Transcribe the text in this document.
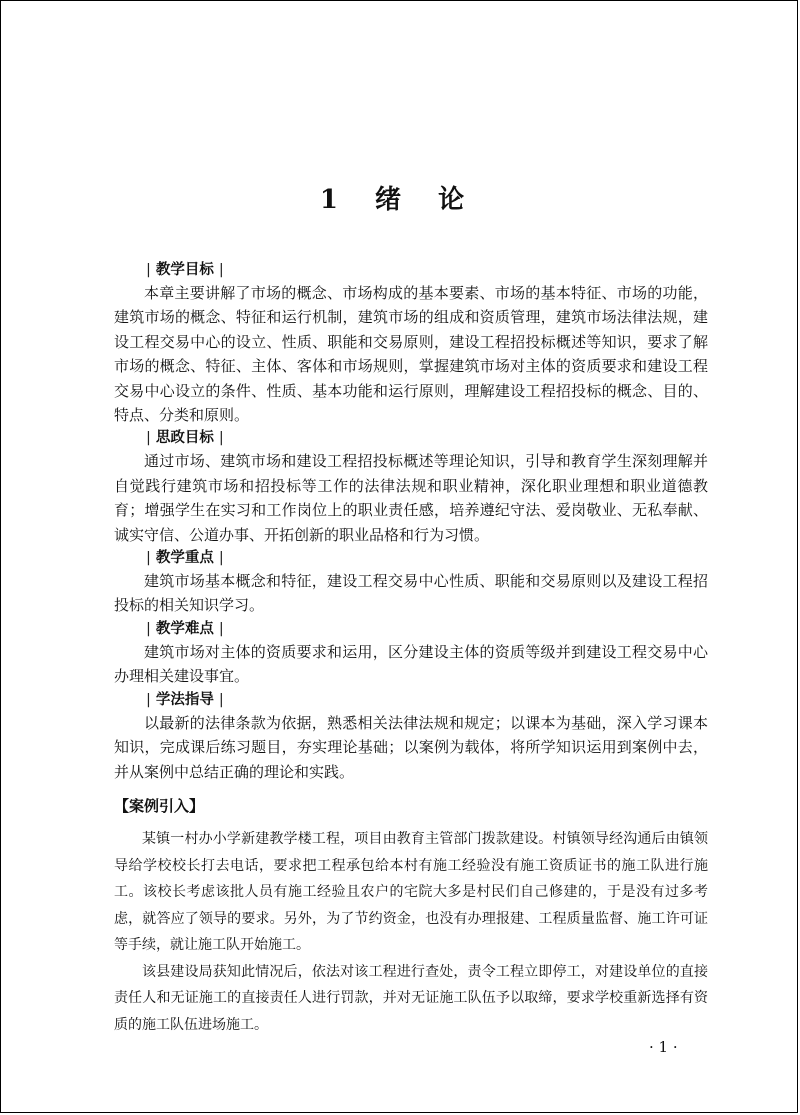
1 绪 论
| 教学目标 |

本章主要讲解了市场的概念、市场构成的基本要素、市场的基本特征、市场的功能，建筑市场的概念、特征和运行机制，建筑市场的组成和资质管理，建筑市场法律法规，建设工程交易中心的设立、性质、职能和交易原则，建设工程招投标概述等知识，要求了解市场的概念、特征、主体、客体和市场规则，掌握建筑市场对主体的资质要求和建设工程交易中心设立的条件、性质、基本功能和运行原则，理解建设工程招投标的概念、目的、特点、分类和原则。

| 思政目标 |

通过市场、建筑市场和建设工程招投标概述等理论知识，引导和教育学生深刻理解并自觉践行建筑市场和招投标等工作的法律法规和职业精神，深化职业理想和职业道德教育；增强学生在实习和工作岗位上的职业责任感，培养遵纪守法、爱岗敬业、无私奉献、诚实守信、公道办事、开拓创新的职业品格和行为习惯。

| 教学重点 |

建筑市场基本概念和特征，建设工程交易中心性质、职能和交易原则以及建设工程招投标的相关知识学习。

| 教学难点 |

建筑市场对主体的资质要求和运用，区分建设主体的资质等级并到建设工程交易中心办理相关建设事宜。

| 学法指导 |

以最新的法律条款为依据，熟悉相关法律法规和规定；以课本为基础，深入学习课本知识，完成课后练习题目，夯实理论基础；以案例为载体，将所学知识运用到案例中去，并从案例中总结正确的理论和实践。

【案例引入】

某镇一村办小学新建教学楼工程，项目由教育主管部门拨款建设。村镇领导经沟通后由镇领导给学校校长打去电话，要求把工程承包给本村有施工经验没有施工资质证书的施工队进行施工。该校长考虑该批人员有施工经验且农户的宅院大多是村民们自己修建的，于是没有过多考虑，就答应了领导的要求。另外，为了节约资金，也没有办理报建、工程质量监督、施工许可证等手续，就让施工队开始施工。

该县建设局获知此情况后，依法对该工程进行查处，责令工程立即停工，对建设单位的直接责任人和无证施工的直接责任人进行罚款，并对无证施工队伍予以取缔，要求学校重新选择有资质的施工队伍进场施工。

· 1 ·
